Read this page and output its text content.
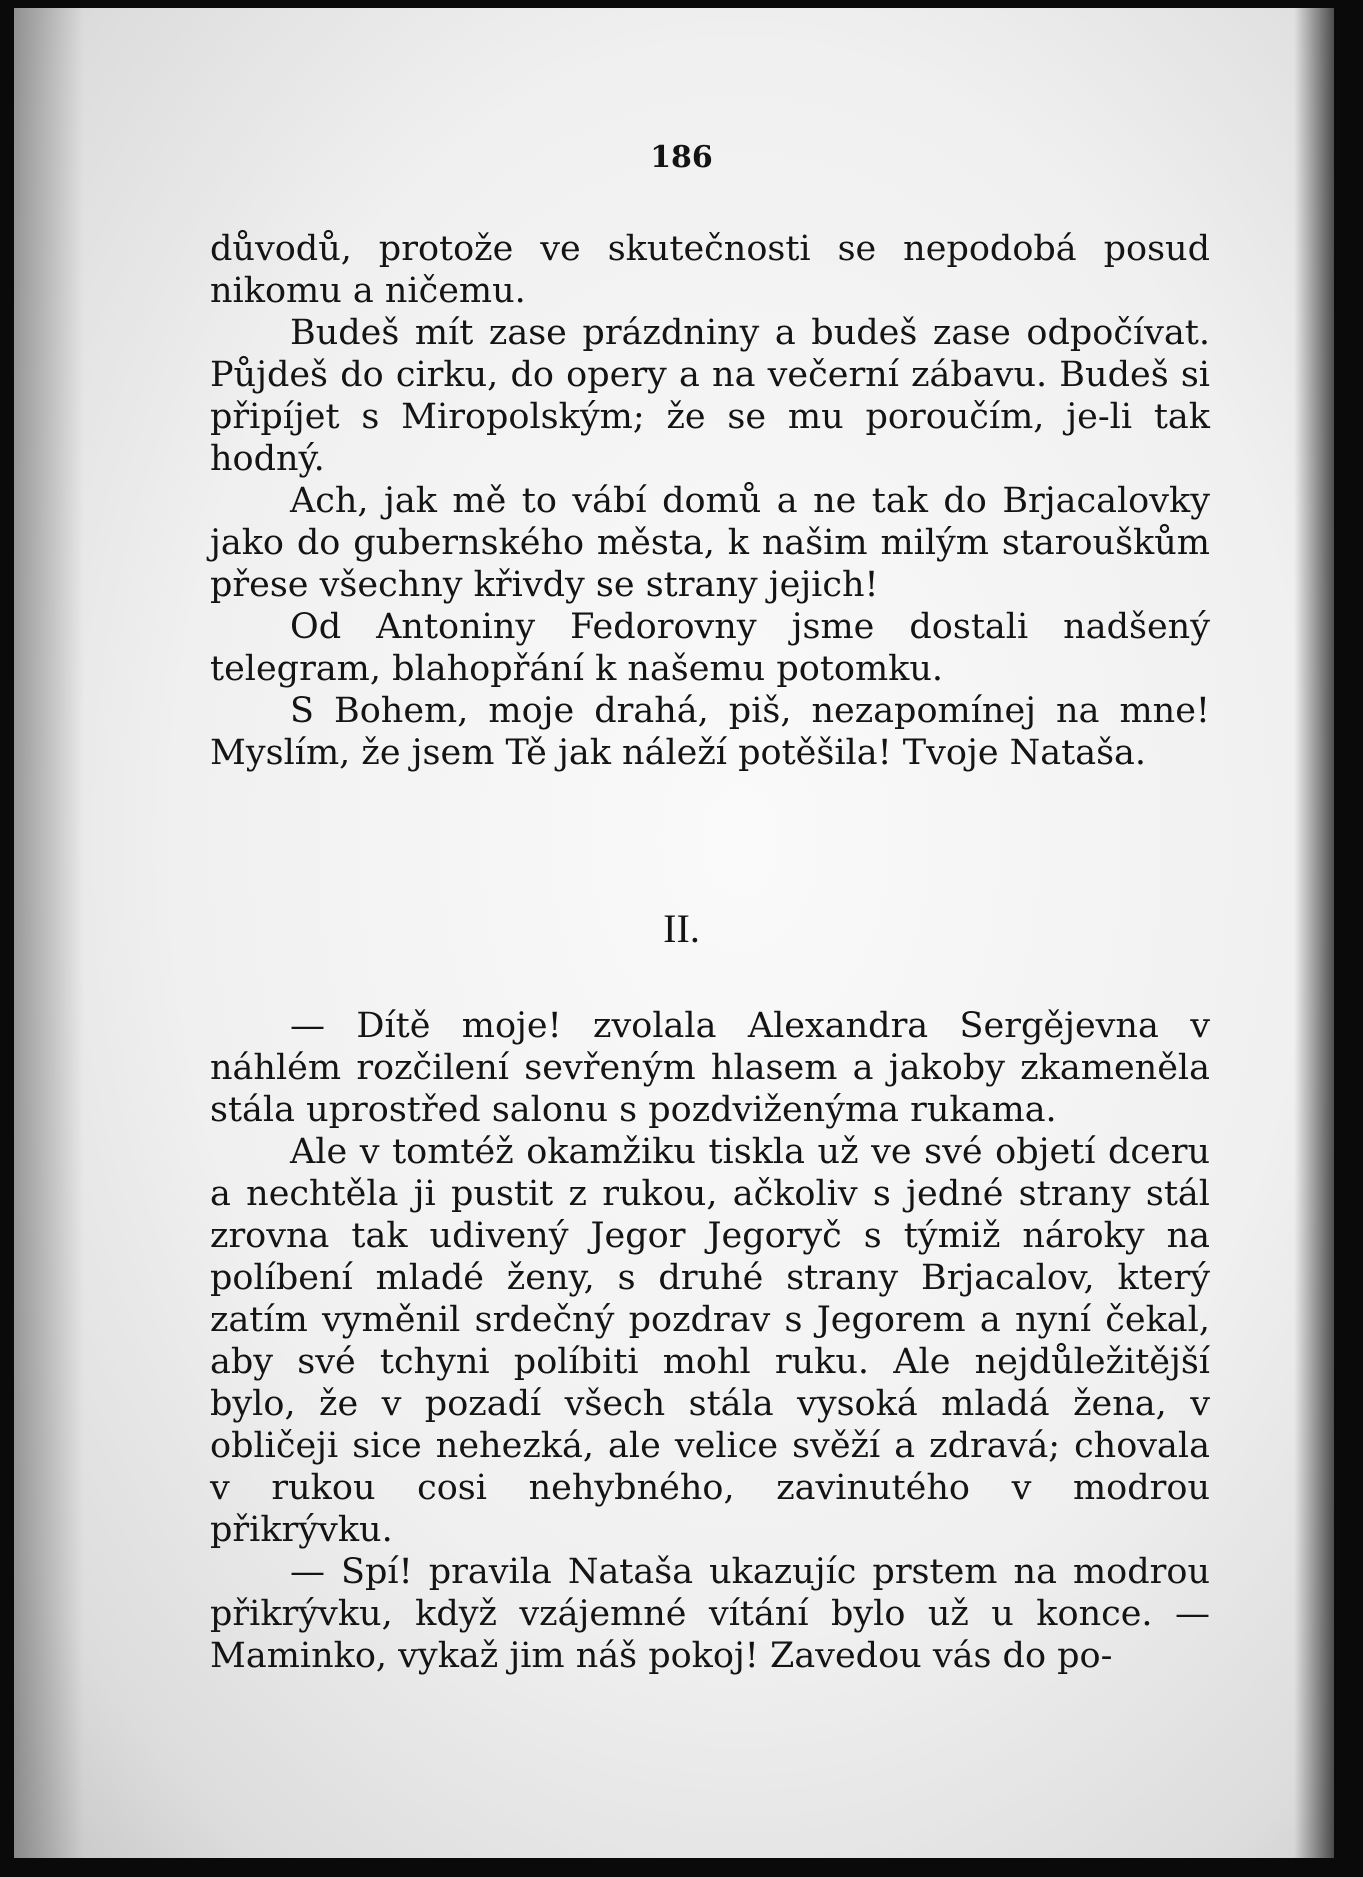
186

důvodů, protože ve skutečnosti se nepodobá posud nikomu a ničemu.

Budeš mít zase prázdniny a budeš zase odpočívat. Půjdeš do cirku, do opery a na večerní zábavu. Budeš si připíjet s Miropolským; že se mu poroučím, je-li tak hodný.

Ach, jak mě to vábí domů a ne tak do Brjacalovky jako do gubernského města, k našim milým starouškům přese všechny křivdy se strany jejich!

Od Antoniny Fedorovny jsme dostali nadšený telegram, blahopřání k našemu potomku.

S Bohem, moje drahá, piš, nezapomínej na mne! Myslím, že jsem Tě jak náleží potěšila! Tvoje Nataša.

II.

— Dítě moje! zvolala Alexandra Sergějevna v náhlém rozčilení sevřeným hlasem a jakoby zkameněla stála uprostřed salonu s pozdviženýma rukama.

Ale v tomtéž okamžiku tiskla už ve své objetí dceru a nechtěla ji pustit z rukou, ačkoliv s jedné strany stál zrovna tak udivený Jegor Jegoryč s týmiž nároky na políbení mladé ženy, s druhé strany Brjacalov, který zatím vyměnil srdečný pozdrav s Jegorem a nyní čekal, aby své tchyni políbiti mohl ruku. Ale nejdůležitější bylo, že v pozadí všech stála vysoká mladá žena, v obličeji sice nehezká, ale velice svěží a zdravá; chovala v rukou cosi nehybného, zavinutého v modrou přikrývku.

— Spí! pravila Nataša ukazujíc prstem na modrou přikrývku, když vzájemné vítání bylo už u konce. — Maminko, vykaž jim náš pokoj! Zavedou vás do po-
